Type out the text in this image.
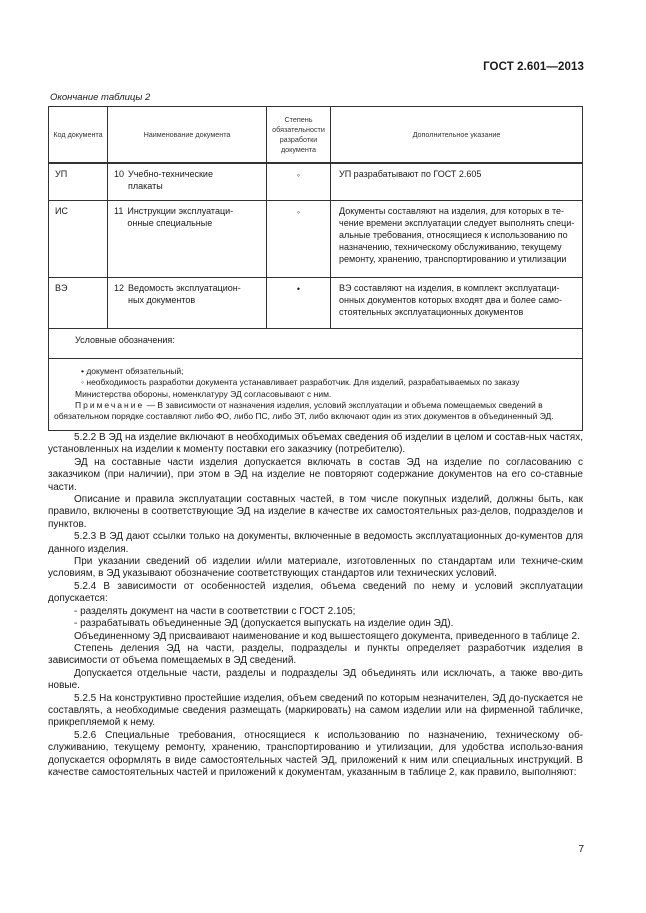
ГОСТ 2.601—2013
Окончание таблицы 2
Код документа	Наименование документа	Степень обязательности разработки документа	Дополнительное указание
УП	10 Учебно-технические плакаты	◦	УП разрабатывают по ГОСТ 2.605
ИС	11 Инструкции эксплуатаци-онные специальные	◦	Документы составляют на изделия, для которых в те-чение времени эксплуатации следует выполнять специ-альные требования, относящиеся к использованию по назначению, техническому обслуживанию, текущему ремонту, хранению, транспортированию и утилизации
ВЭ	12 Ведомость эксплуатацион-ных документов	•	ВЭ составляют на изделия, в комплект эксплуатаци-онных документов которых входят два и более само-стоятельных эксплуатационных документов
Условные обозначения:			

• документ обязательный;
◦ необходимость разработки документа устанавливает разработчик. Для изделий, разрабатываемых по заказу Министерства обороны, номенклатуру ЭД согласовывают с ним.
Примечание — В зависимости от назначения изделия, условий эксплуатации и объема помещаемых сведений в обязательном порядке составляют либо ФО, либо ПС, либо ЭТ, либо включают один из этих документов в объединенный ЭД.			

5.2.2 В ЭД на изделие включают в необходимых объемах сведения об изделии в целом и состав-ных частях, установленных на изделии к моменту поставки его заказчику (потребителю).

ЭД на составные части изделия допускается включать в состав ЭД на изделие по согласованию с заказчиком (при наличии), при этом в ЭД на изделие не повторяют содержание документов на его со-ставные части.

Описание и правила эксплуатации составных частей, в том числе покупных изделий, должны быть, как правило, включены в соответствующие ЭД на изделие в качестве их самостоятельных раз-делов, подразделов и пунктов.

5.2.3 В ЭД дают ссылки только на документы, включенные в ведомость эксплуатационных до-кументов для данного изделия.

При указании сведений об изделии и/или материале, изготовленных по стандартам или техниче-ским условиям, в ЭД указывают обозначение соответствующих стандартов или технических условий.

5.2.4 В зависимости от особенностей изделия, объема сведений по нему и условий эксплуатации допускается:

- разделять документ на части в соответствии с ГОСТ 2.105;

- разрабатывать объединенные ЭД (допускается выпускать на изделие один ЭД).

Объединенному ЭД присваивают наименование и код вышестоящего документа, приведенного в таблице 2.

Степень деления ЭД на части, разделы, подразделы и пункты определяет разработчик изделия в зависимости от объема помещаемых в ЭД сведений.

Допускается отдельные части, разделы и подразделы ЭД объединять или исключать, а также вво-дить новые.

5.2.5 На конструктивно простейшие изделия, объем сведений по которым незначителен, ЭД до-пускается не составлять, а необходимые сведения размещать (маркировать) на самом изделии или на фирменной табличке, прикрепляемой к нему.

5.2.6 Специальные требования, относящиеся к использованию по назначению, техническому об-служиванию, текущему ремонту, хранению, транспортированию и утилизации, для удобства использо-вания допускается оформлять в виде самостоятельных частей ЭД, приложений к ним или специальных инструкций. В качестве самостоятельных частей и приложений к документам, указанным в таблице 2, как правило, выполняют:

7
